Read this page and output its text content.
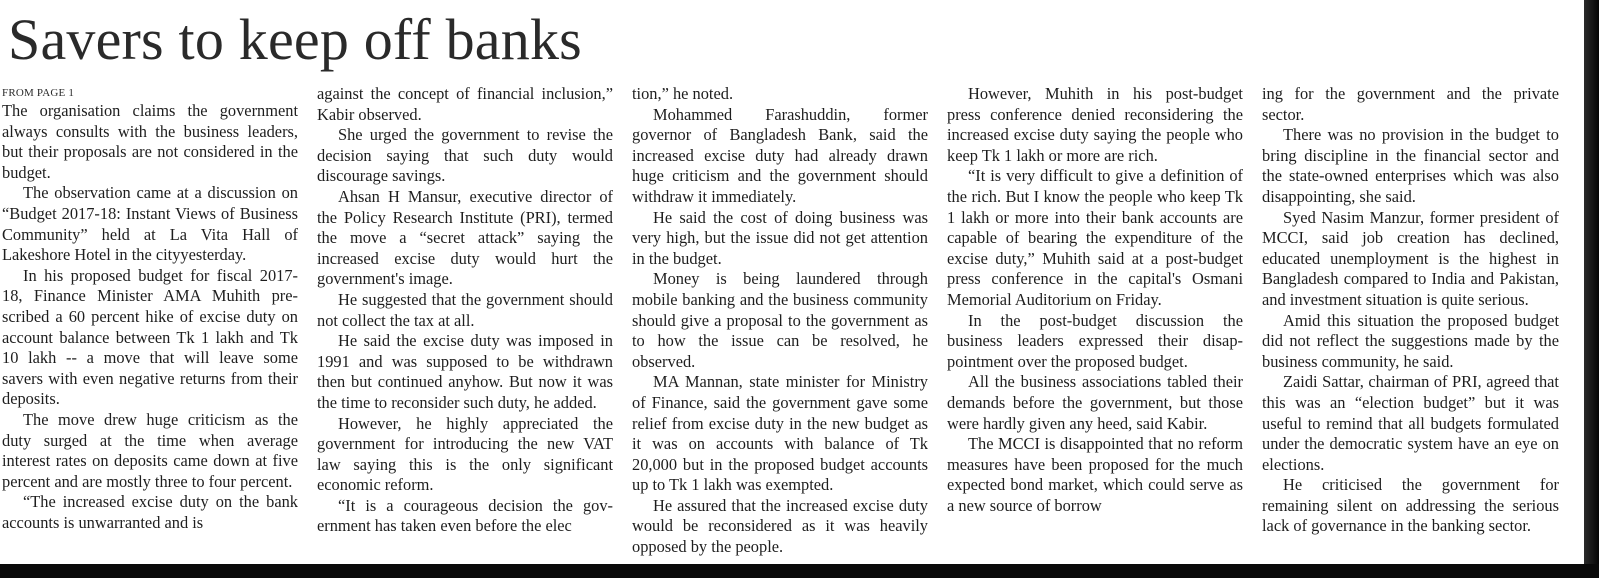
Savers to keep off banks
FROM PAGE 1

The organisation claims the government always consults with the business leaders, but their proposals are not considered in the budget.

The observation came at a discussion on “Budget 2017-18: Instant Views of Business Community” held at La Vita Hall of Lakeshore Hotel in the cityyesterday.

In his proposed budget for fiscal 2017-18, Finance Minister AMA Muhith prescribed a 60 percent hike of excise duty on account balance between Tk 1 lakh and Tk 10 lakh -- a move that will leave some savers with even negative returns from their deposits.

The move drew huge criticism as the duty surged at the time when average interest rates on deposits came down at five percent and are mostly three to four percent.

“The increased excise duty on the bank accounts is unwarranted and is

against the concept of financial inclusion,” Kabir observed.

She urged the government to revise the decision saying that such duty would discourage savings.

Ahsan H Mansur, executive director of the Policy Research Institute (PRI), termed the move a “secret attack” saying the increased excise duty would hurt the government's image.

He suggested that the government should not collect the tax at all.

He said the excise duty was imposed in 1991 and was supposed to be withdrawn then but continued anyhow. But now it was the time to reconsider such duty, he added.

However, he highly appreciated the government for introducing the new VAT law saying this is the only significant economic reform.

“It is a courageous decision the government has taken even before the elec

tion,” he noted.

Mohammed Farashuddin, former governor of Bangladesh Bank, said the increased excise duty had already drawn huge criticism and the government should withdraw it immediately.

He said the cost of doing business was very high, but the issue did not get attention in the budget.

Money is being laundered through mobile banking and the business community should give a proposal to the government as to how the issue can be resolved, he observed.

MA Mannan, state minister for Ministry of Finance, said the government gave some relief from excise duty in the new budget as it was on accounts with balance of Tk 20,000 but in the proposed budget accounts up to Tk 1 lakh was exempted.

He assured that the increased excise duty would be reconsidered as it was heavily opposed by the people.

However, Muhith in his post-budget press conference denied reconsidering the increased excise duty saying the people who keep Tk 1 lakh or more are rich.

“It is very difficult to give a definition of the rich. But I know the people who keep Tk 1 lakh or more into their bank accounts are capable of bearing the expenditure of the excise duty,” Muhith said at a post-budget press conference in the capital's Osmani Memorial Auditorium on Friday.

In the post-budget discussion the business leaders expressed their disappointment over the proposed budget.

All the business associations tabled their demands before the government, but those were hardly given any heed, said Kabir.

The MCCI is disappointed that no reform measures have been proposed for the much expected bond market, which could serve as a new source of borrow

ing for the government and the private sector.

There was no provision in the budget to bring discipline in the financial sector and the state-owned enterprises which was also disappointing, she said.

Syed Nasim Manzur, former president of MCCI, said job creation has declined, educated unemployment is the highest in Bangladesh compared to India and Pakistan, and investment situation is quite serious.

Amid this situation the proposed budget did not reflect the suggestions made by the business community, he said.

Zaidi Sattar, chairman of PRI, agreed that this was an “election budget” but it was useful to remind that all budgets formulated under the democratic system have an eye on elections.

He criticised the government for remaining silent on addressing the serious lack of governance in the banking sector.
